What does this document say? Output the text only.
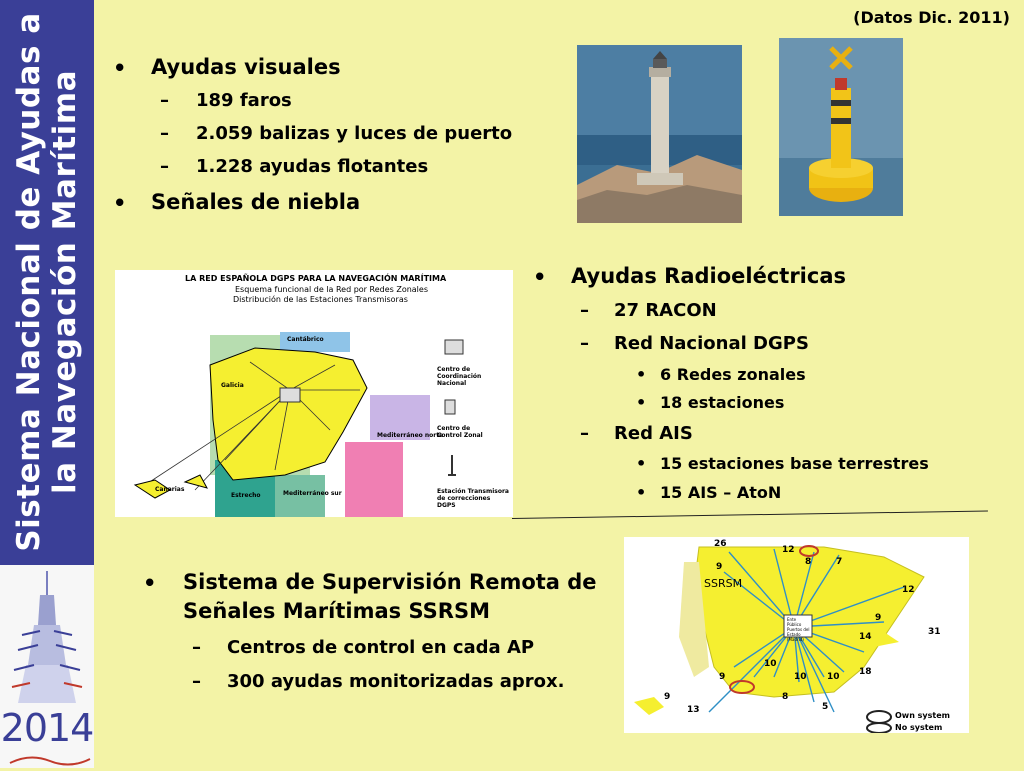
Sistema Nacional de Ayudas a la Navegación Marítima
2014
(Datos Dic. 2011)
• Ayudas visuales
– 189 faros
– 2.059 balizas y luces de puerto
– 1.228 ayudas flotantes
• Señales de niebla
LA RED ESPAÑOLA DGPS PARA LA NAVEGACIÓN MARÍTIMA
Esquema funcional de la Red por Redes Zonales
Distribución de las Estaciones Transmisoras
Centro de Coordinación Nacional
Centro de Control Zonal
Estación Transmisora de correcciones DGPS
Cantábrico
Galicia
Mediterráneo norte
Estrecho	Mediterráneo sur
Canarias
• Ayudas Radioeléctricas
– 27 RACON
– Red Nacional DGPS
• 6 Redes zonales
• 18 estaciones
– Red AIS
• 15 estaciones base terrestres
• 15 AIS – AtoN
• Sistema de Supervisión Remota de
Señales Marítimas SSRSM
– Centros de control en cada AP
– 300 ayudas monitorizadas aprox.
SSRSM
Ente Público Puertos del Estado (Madrid)
Own system
No system
26
12
8	7
9
12
9
31
14
18
10
10 10
9
8
5
9
13
